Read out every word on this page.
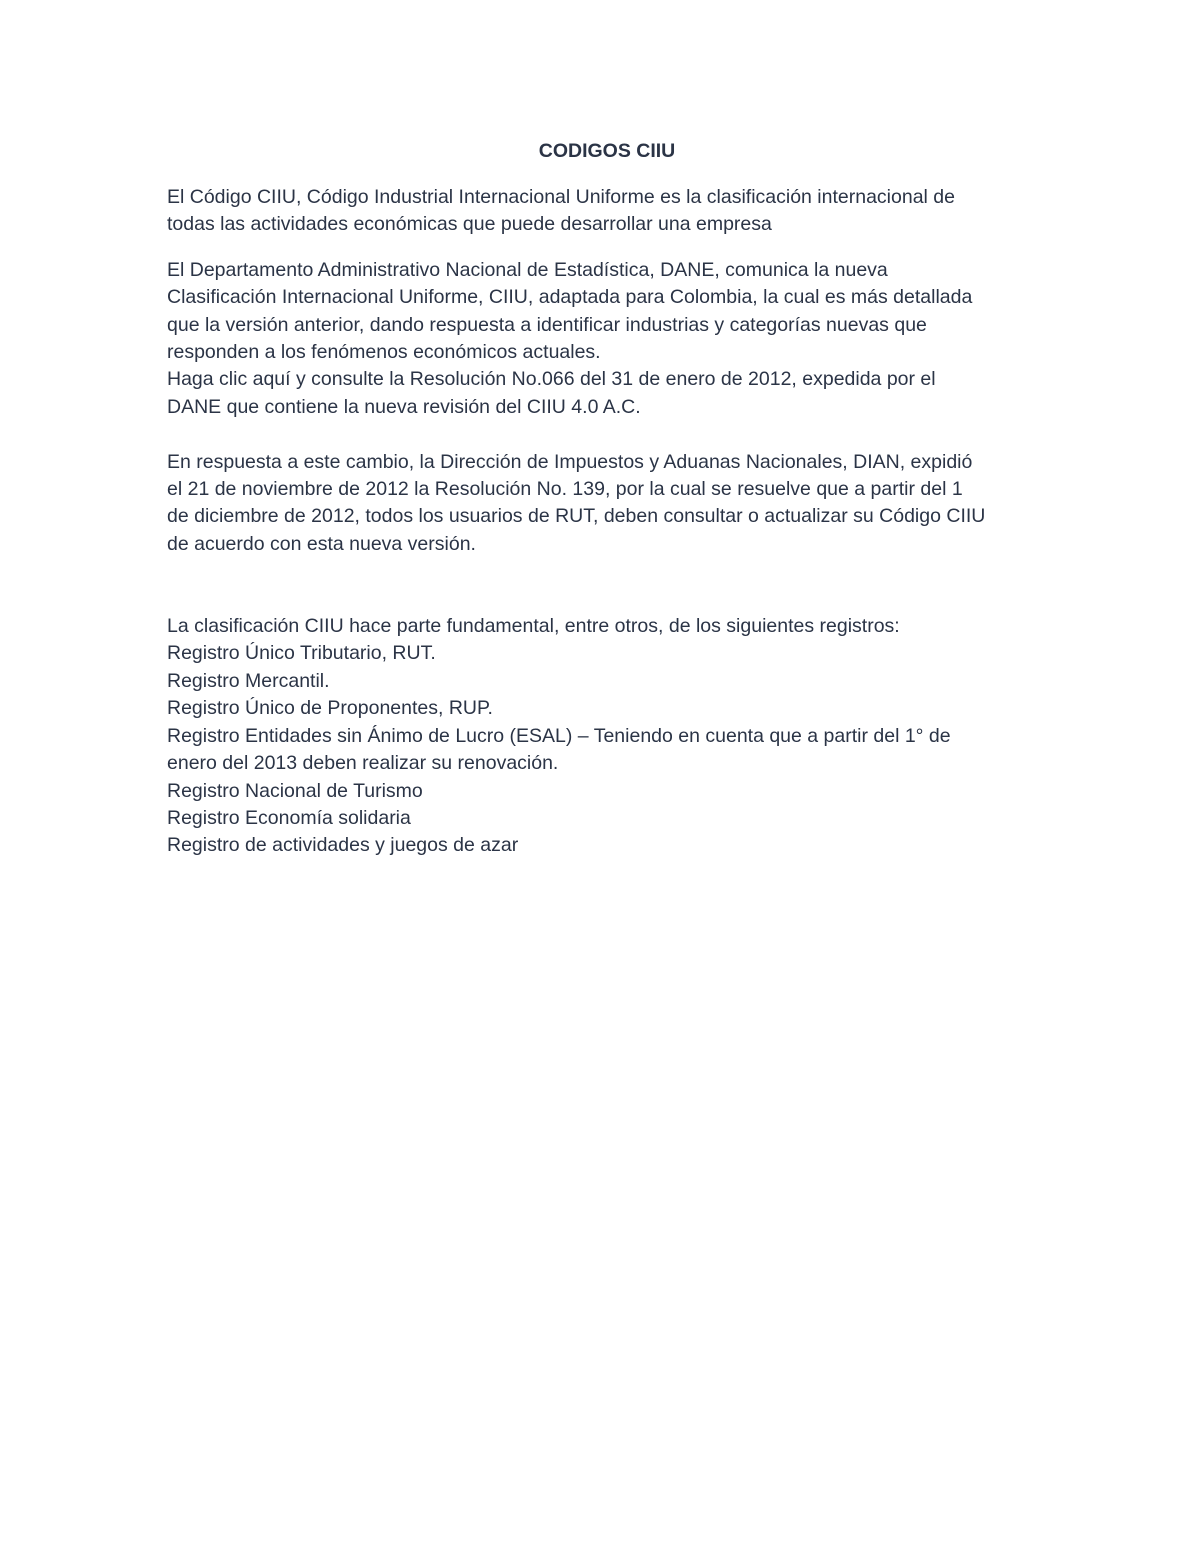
CODIGOS CIIU

El Código CIIU, Código Industrial Internacional Uniforme es la clasificación internacional de
todas las actividades económicas que puede desarrollar una empresa

El Departamento Administrativo Nacional de Estadística, DANE, comunica la nueva
Clasificación Internacional Uniforme, CIIU, adaptada para Colombia, la cual es más detallada
que la versión anterior, dando respuesta a identificar industrias y categorías nuevas que
responden a los fenómenos económicos actuales.
Haga clic aquí y consulte la Resolución No.066 del 31 de enero de 2012, expedida por el
DANE que contiene la nueva revisión del CIIU 4.0 A.C.

En respuesta a este cambio, la Dirección de Impuestos y Aduanas Nacionales, DIAN, expidió
el 21 de noviembre de 2012 la Resolución No. 139, por la cual se resuelve que a partir del 1
de diciembre de 2012, todos los usuarios de RUT, deben consultar o actualizar su Código CIIU
de acuerdo con esta nueva versión.

La clasificación CIIU hace parte fundamental, entre otros, de los siguientes registros:
Registro Único Tributario, RUT.
Registro Mercantil.
Registro Único de Proponentes, RUP.
Registro Entidades sin Ánimo de Lucro (ESAL) – Teniendo en cuenta que a partir del 1° de
enero del 2013 deben realizar su renovación.
Registro Nacional de Turismo
Registro Economía solidaria
Registro de actividades y juegos de azar
